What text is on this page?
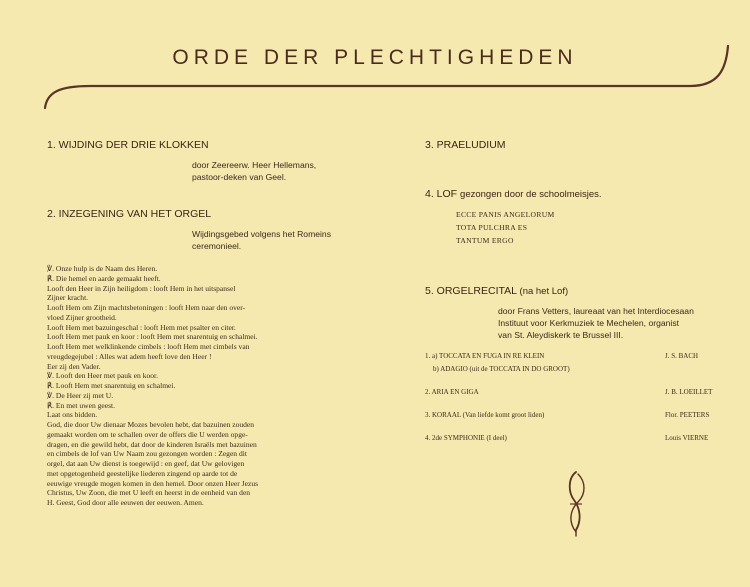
ORDE DER PLECHTIGHEDEN
1. WIJDING DER DRIE KLOKKEN
door Zeereerw. Heer Hellemans,
pastoor-deken van Geel.
2. INZEGENING VAN HET ORGEL
Wijdingsgebed volgens het Romeins
ceremonieel.
℣. Onze hulp is de Naam des Heren.
℟. Die hemel en aarde gemaakt heeft.
Looft den Heer in Zijn heiligdom : looft Hem in het uitspansel
Zijner kracht.
Looft Hem om Zijn machtsbetoningen : looft Hem naar den over-
vloed Zijner grootheid.
Looft Hem met bazuingeschal : looft Hem met psalter en citer.
Looft Hem met pauk en koor : looft Hem met snarentuig en schalmei.
Looft Hem met welklinkende cimbels : looft Hem met cimbels van
vreugdegejubel : Alles wat adem heeft love den Heer !
Eer zij den Vader.
℣. Looft den Heer met pauk en koor.
℟. Looft Hem met snarentuig en schalmei.
℣. De Heer zij met U.
℟. En met uwen geest.
Laat ons bidden.
God, die door Uw dienaar Mozes bevolen hebt, dat bazuinen zouden
gemaakt worden om te schallen over de offers die U werden opge-
dragen, en die gewild hebt, dat door de kinderen Israëls met bazuinen
en cimbels de lof van Uw Naam zou gezongen worden : Zegen dit
orgel, dat aan Uw dienst is toegewijd : en geef, dat Uw gelovigen
met opgetogenheid geestelijke liederen zingend op aarde tot de
eeuwige vreugde mogen komen in den hemel. Door onzen Heer Jezus
Christus, Uw Zoon, die met U leeft en heerst in de eenheid van den
H. Geest, God door alle eeuwen der eeuwen. Amen.
3. PRAELUDIUM
4. LOF gezongen door de schoolmeisjes.
ECCE PANIS ANGELORUM
TOTA PULCHRA ES
TANTUM ERGO
5. ORGELRECITAL (na het Lof)
door Frans Vetters, laureaat van het Interdiocesaan
Instituut voor Kerkmuziek te Mechelen, organist
van St. Aleydiskerk te Brussel III.
1. a) TOCCATA EN FUGA IN RE KLEIN	J. S. BACH
b) ADAGIO (uit de TOCCATA IN DO GROOT)
2. ARIA EN GIGA	J. B. LOEILLET
3. KORAAL (Van liefde komt groot liden)	Flor. PEETERS
4. 2de SYMPHONIE (I deel)	Louis VIERNE
